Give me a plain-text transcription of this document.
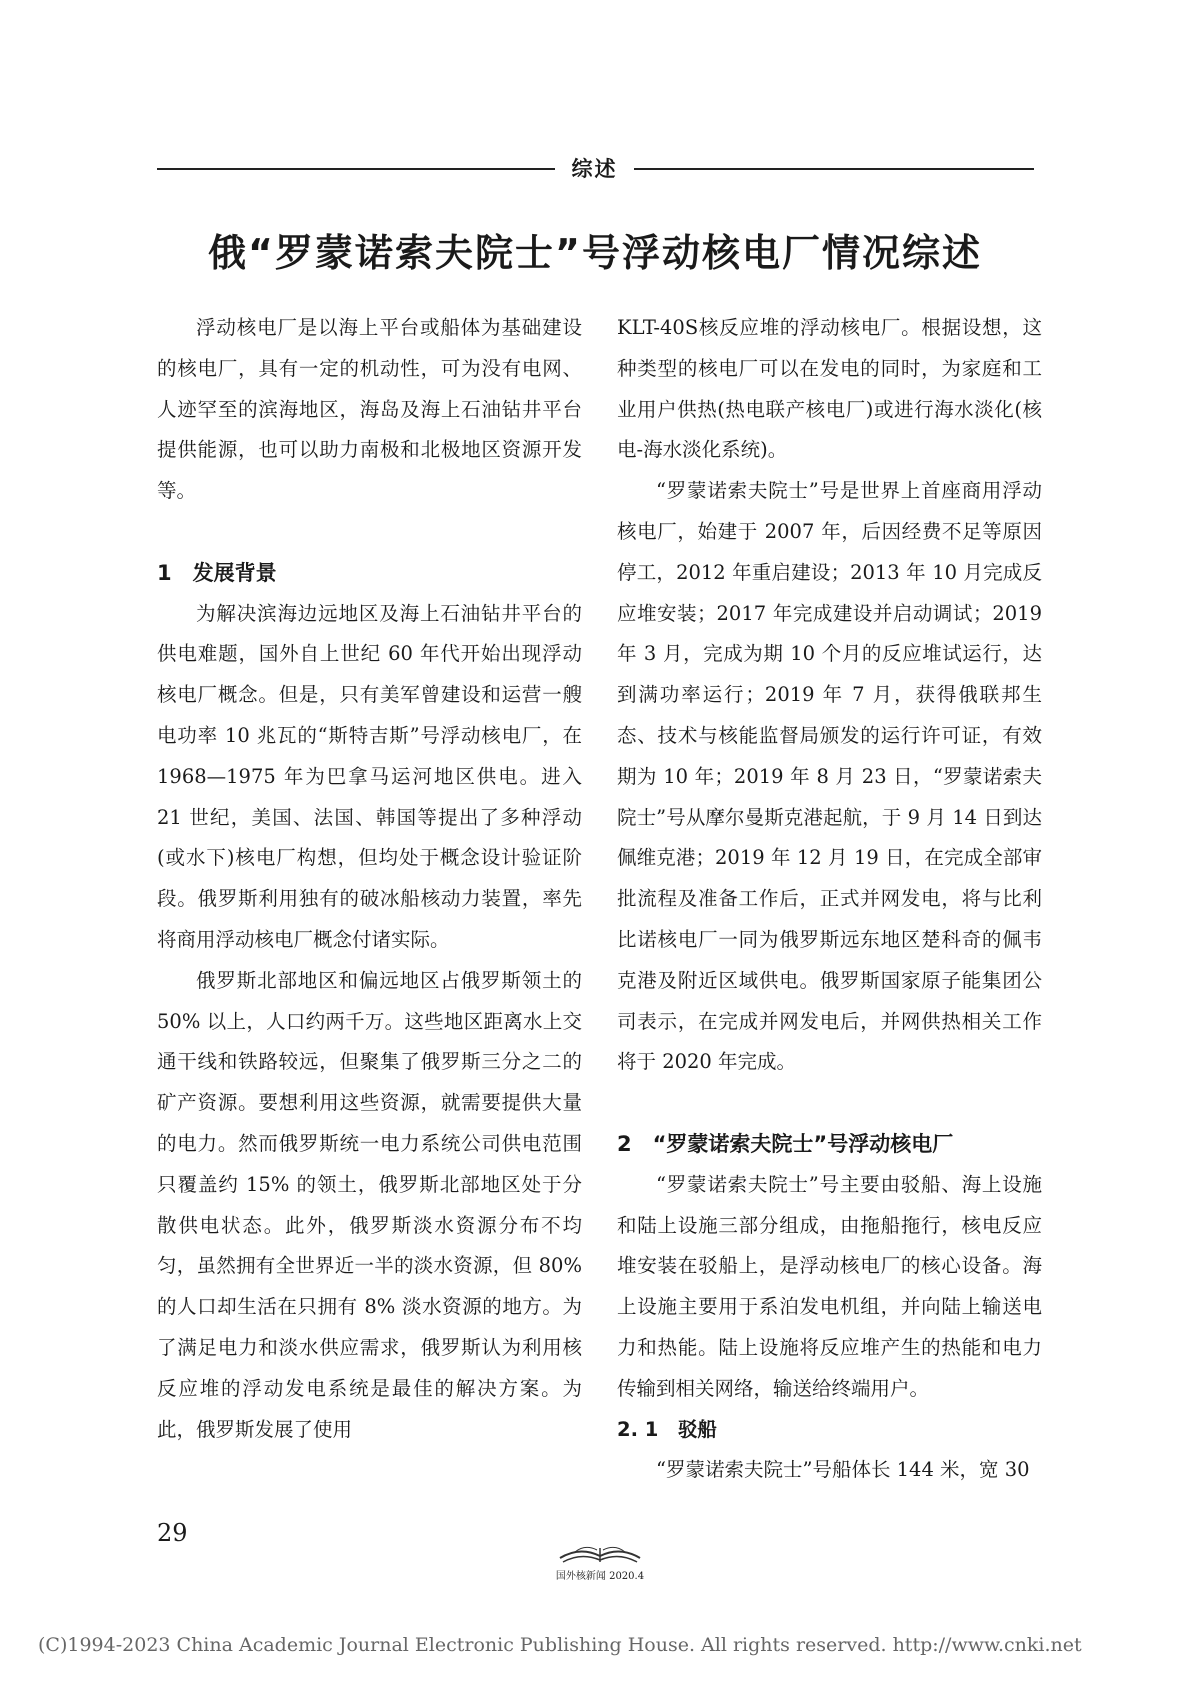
综述
俄“罗蒙诺索夫院士”号浮动核电厂情况综述

浮动核电厂是以海上平台或船体为基础建设的核电厂，具有一定的机动性，可为没有电网、人迹罕至的滨海地区，海岛及海上石油钻井平台提供能源，也可以助力南极和北极地区资源开发等。

1　发展背景

为解决滨海边远地区及海上石油钻井平台的供电难题，国外自上世纪 60 年代开始出现浮动核电厂概念。但是，只有美军曾建设和运营一艘电功率 10 兆瓦的“斯特吉斯”号浮动核电厂，在 1968—1975 年为巴拿马运河地区供电。进入 21 世纪，美国、法国、韩国等提出了多种浮动(或水下)核电厂构想，但均处于概念设计验证阶段。俄罗斯利用独有的破冰船核动力装置，率先将商用浮动核电厂概念付诸实际。

俄罗斯北部地区和偏远地区占俄罗斯领土的 50% 以上，人口约两千万。这些地区距离水上交通干线和铁路较远，但聚集了俄罗斯三分之二的矿产资源。要想利用这些资源，就需要提供大量的电力。然而俄罗斯统一电力系统公司供电范围只覆盖约 15% 的领土，俄罗斯北部地区处于分散供电状态。此外，俄罗斯淡水资源分布不均匀，虽然拥有全世界近一半的淡水资源，但 80% 的人口却生活在只拥有 8% 淡水资源的地方。为了满足电力和淡水供应需求，俄罗斯认为利用核反应堆的浮动发电系统是最佳的解决方案。为此，俄罗斯发展了使用

KLT-40S核反应堆的浮动核电厂。根据设想，这种类型的核电厂可以在发电的同时，为家庭和工业用户供热(热电联产核电厂)或进行海水淡化(核电-海水淡化系统)。

“罗蒙诺索夫院士”号是世界上首座商用浮动核电厂，始建于 2007 年，后因经费不足等原因停工，2012 年重启建设；2013 年 10 月完成反应堆安装；2017 年完成建设并启动调试；2019 年 3 月，完成为期 10 个月的反应堆试运行，达到满功率运行；2019 年 7 月，获得俄联邦生态、技术与核能监督局颁发的运行许可证，有效期为 10 年；2019 年 8 月 23 日，“罗蒙诺索夫院士”号从摩尔曼斯克港起航，于 9 月 14 日到达佩维克港；2019 年 12 月 19 日，在完成全部审批流程及准备工作后，正式并网发电，将与比利比诺核电厂一同为俄罗斯远东地区楚科奇的佩韦克港及附近区域供电。俄罗斯国家原子能集团公司表示，在完成并网发电后，并网供热相关工作将于 2020 年完成。

2　“罗蒙诺索夫院士”号浮动核电厂

“罗蒙诺索夫院士”号主要由驳船、海上设施和陆上设施三部分组成，由拖船拖行，核电反应堆安装在驳船上，是浮动核电厂的核心设备。海上设施主要用于系泊发电机组，并向陆上输送电力和热能。陆上设施将反应堆产生的热能和电力传输到相关网络，输送给终端用户。

2. 1　驳船

“罗蒙诺索夫院士”号船体长 144 米，宽 30

29
国外核新闻 2020.4
(C)1994-2023 China Academic Journal Electronic Publishing House. All rights reserved. http://www.cnki.net
